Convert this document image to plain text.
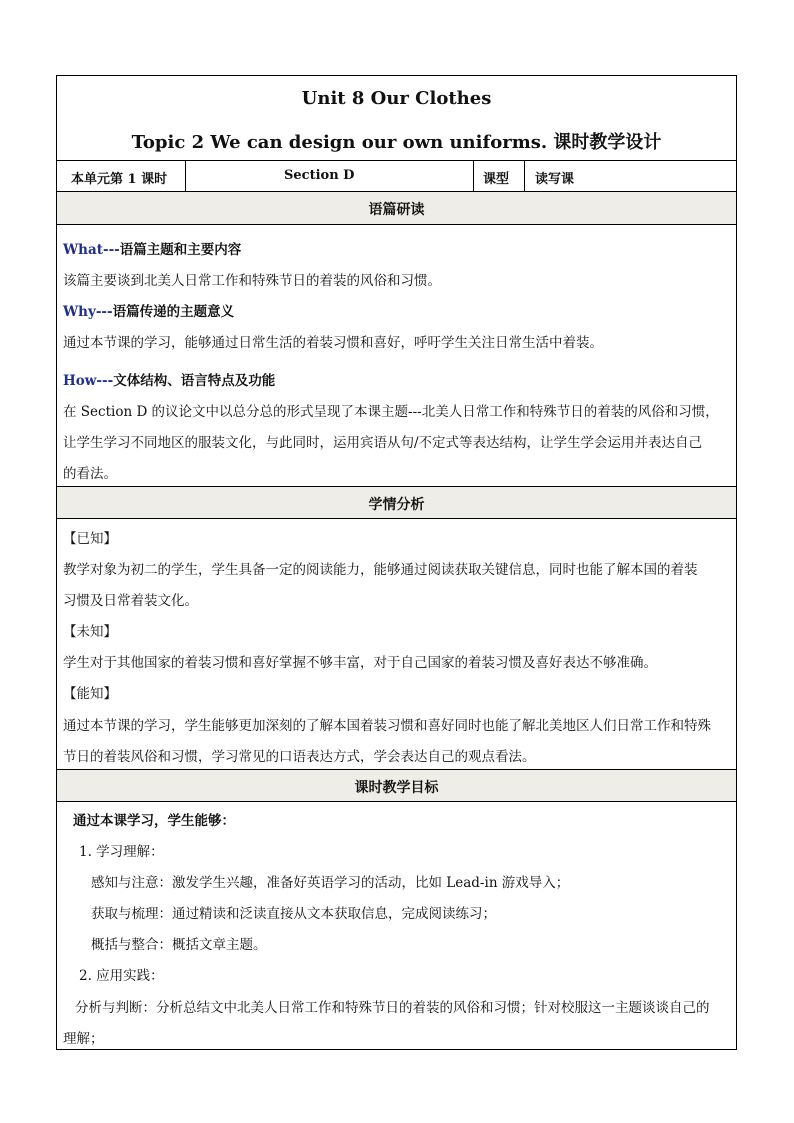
Unit 8 Our Clothes
Topic 2 We can design our own uniforms. 课时教学设计
本单元第 1 课时	Section D	课型 读写课
语篇研读
What---语篇主题和主要内容
该篇主要谈到北美人日常工作和特殊节日的着装的风俗和习惯。
Why---语篇传递的主题意义
通过本节课的学习，能够通过日常生活的着装习惯和喜好，呼吁学生关注日常生活中着装。
How---文体结构、语言特点及功能
在 Section D 的议论文中以总分总的形式呈现了本课主题---北美人日常工作和特殊节日的着装的风俗和习惯，
让学生学习不同地区的服装文化，与此同时，运用宾语从句/不定式等表达结构，让学生学会运用并表达自己
的看法。
学情分析
【已知】
教学对象为初二的学生，学生具备一定的阅读能力，能够通过阅读获取关键信息，同时也能了解本国的着装
习惯及日常着装文化。
【未知】
学生对于其他国家的着装习惯和喜好掌握不够丰富，对于自己国家的着装习惯及喜好表达不够准确。
【能知】
通过本节课的学习，学生能够更加深刻的了解本国着装习惯和喜好同时也能了解北美地区人们日常工作和特殊
节日的着装风俗和习惯，学习常见的口语表达方式，学会表达自己的观点看法。
课时教学目标
通过本课学习，学生能够：
1. 学习理解：
感知与注意：激发学生兴趣，准备好英语学习的活动，比如 Lead-in 游戏导入；
获取与梳理：通过精读和泛读直接从文本获取信息，完成阅读练习；
概括与整合：概括文章主题。
2. 应用实践：
分析与判断：分析总结文中北美人日常工作和特殊节日的着装的风俗和习惯；针对校服这一主题谈谈自己的
理解；
